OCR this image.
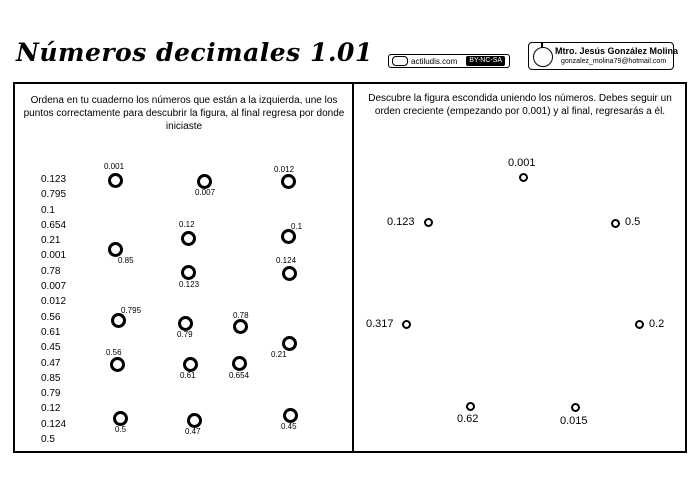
Números decimales 1.01	actiludis.com	BY-NC-SA
Mtro. Jesús González Molina
gonzalez_molina79@hotmail.com
Ordena en tu cuaderno los números que están a la izquierda, une los puntos correctamente para descubrir la figura, al final regresa por donde iniciaste
Descubre la figura escondida uniendo los números. Debes seguir un orden creciente (empezando por 0.001) y al final, regresarás a él.
0.123
0.795
0.1
0.654
0.21
0.001
0.78
0.007
0.012
0.56
0.61
0.45
0.47
0.85
0.79
0.12
0.124
0.5
0.001
0.007
0.012
0.12	0.1
0.85
0.123
0.124
0.795
0.79
0.78
0.21
0.56
0.61	0.654
0.5	0.47
0.45
0.001
0.123	0.5
0.317	0.2
0.62	0.015
